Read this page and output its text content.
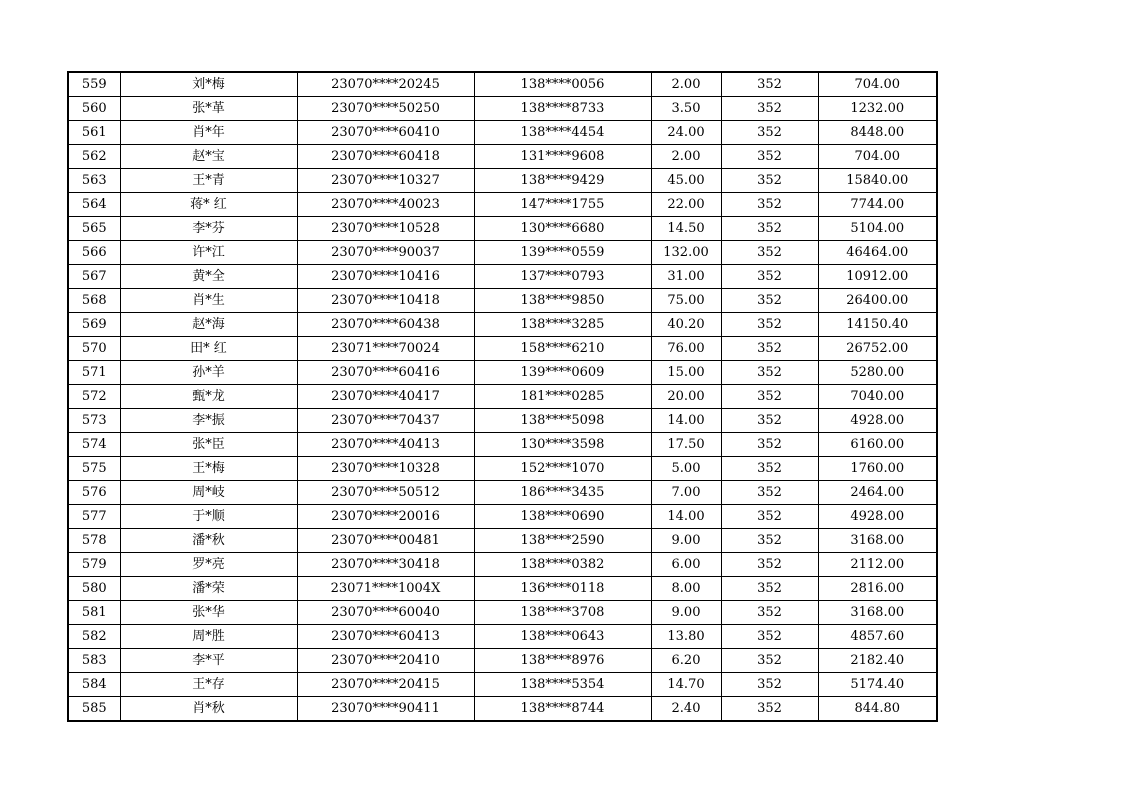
559	刘*梅	23070****20245	138****0056	2.00	352	704.00
560	张*革	23070****50250	138****8733	3.50	352	1232.00
561	肖*年	23070****60410	138****4454	24.00	352	8448.00
562	赵*宝	23070****60418	131****9608	2.00	352	704.00
563	王*青	23070****10327	138****9429	45.00	352	15840.00
564	蒋* 红	23070****40023	147****1755	22.00	352	7744.00
565	李*芬	23070****10528	130****6680	14.50	352	5104.00
566	许*江	23070****90037	139****0559	132.00	352	46464.00
567	黄*全	23070****10416	137****0793	31.00	352	10912.00
568	肖*生	23070****10418	138****9850	75.00	352	26400.00
569	赵*海	23070****60438	138****3285	40.20	352	14150.40
570	田* 红	23071****70024	158****6210	76.00	352	26752.00
571	孙*羊	23070****60416	139****0609	15.00	352	5280.00
572	甄*龙	23070****40417	181****0285	20.00	352	7040.00
573	李*振	23070****70437	138****5098	14.00	352	4928.00
574	张*臣	23070****40413	130****3598	17.50	352	6160.00
575	王*梅	23070****10328	152****1070	5.00	352	1760.00
576	周*岐	23070****50512	186****3435	7.00	352	2464.00
577	于*顺	23070****20016	138****0690	14.00	352	4928.00
578	潘*秋	23070****00481	138****2590	9.00	352	3168.00
579	罗*亮	23070****30418	138****0382	6.00	352	2112.00
580	潘*荣	23071****1004X	136****0118	8.00	352	2816.00
581	张*华	23070****60040	138****3708	9.00	352	3168.00
582	周*胜	23070****60413	138****0643	13.80	352	4857.60
583	李*平	23070****20410	138****8976	6.20	352	2182.40
584	王*存	23070****20415	138****5354	14.70	352	5174.40
585	肖*秋	23070****90411	138****8744	2.40	352	844.80
